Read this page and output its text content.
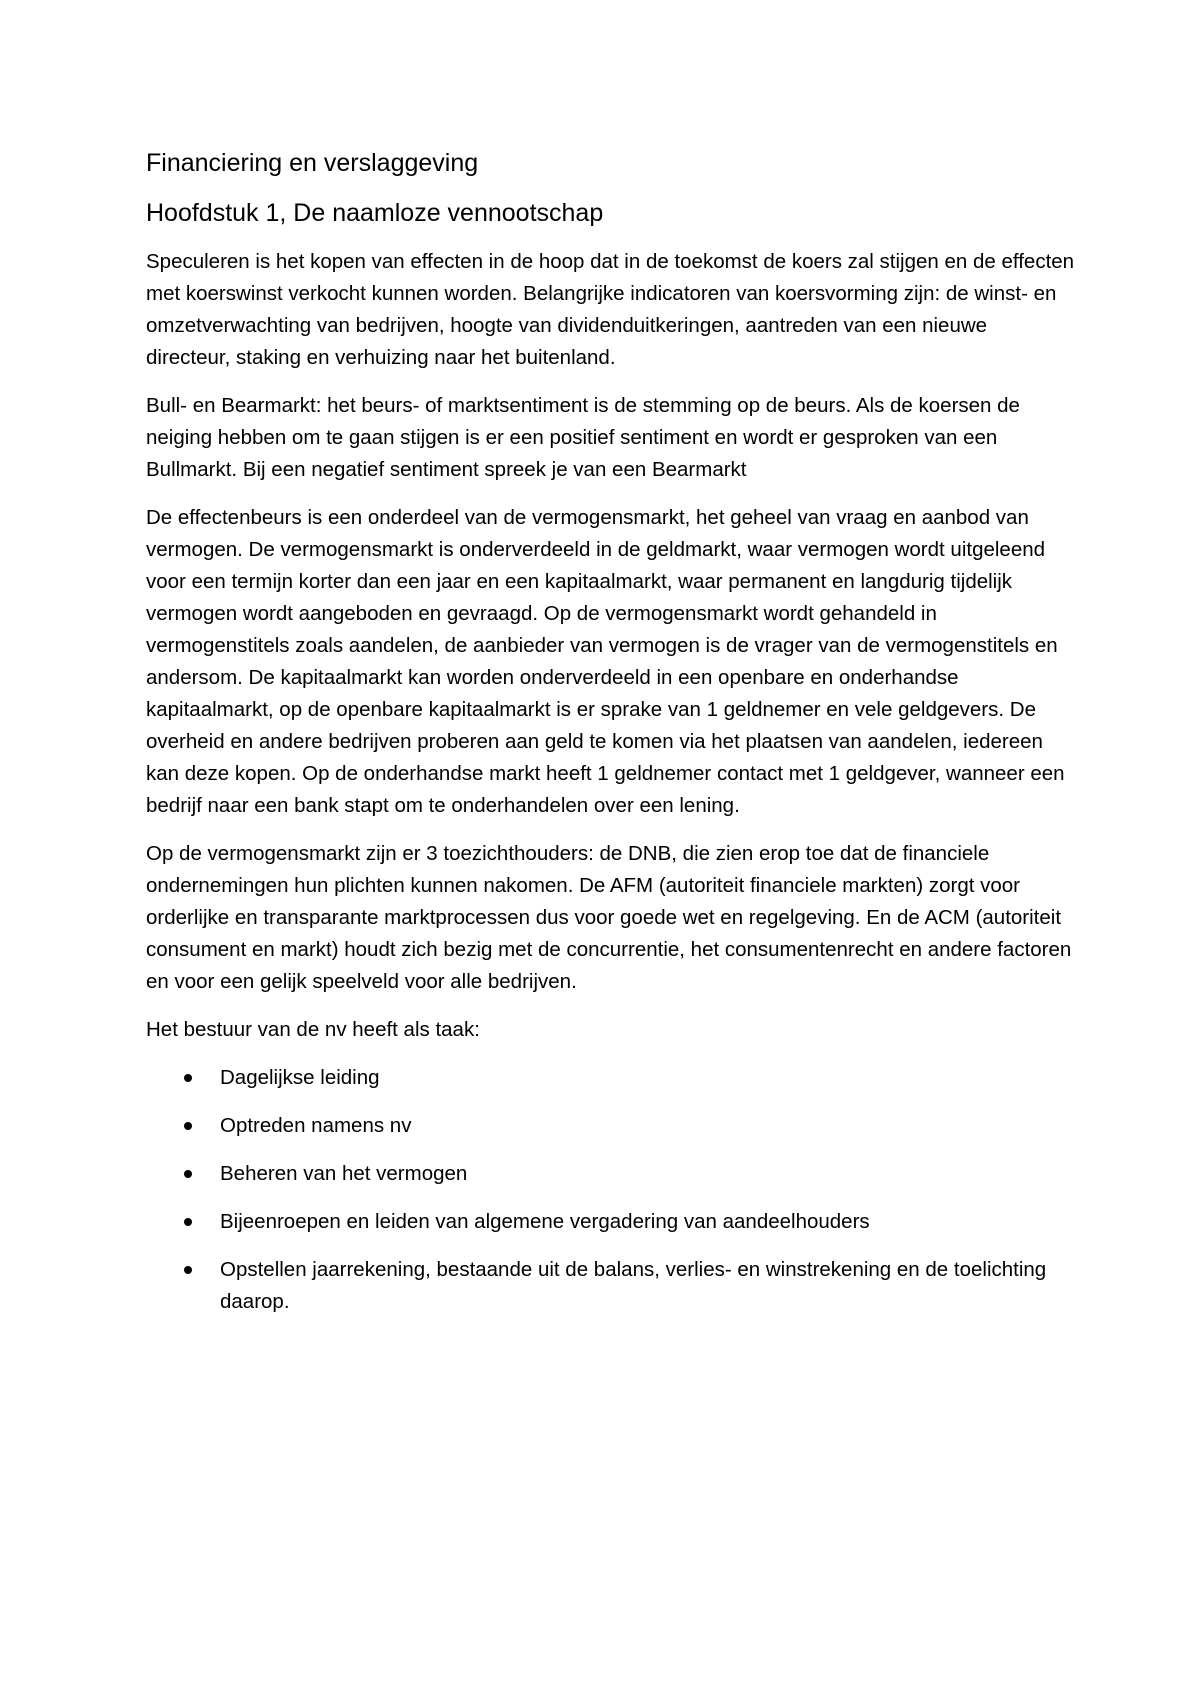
Financiering en verslaggeving
Hoofdstuk 1, De naamloze vennootschap

Speculeren is het kopen van effecten in de hoop dat in de toekomst de koers zal stijgen en de effecten met koerswinst verkocht kunnen worden. Belangrijke indicatoren van koersvorming zijn: de winst- en omzetverwachting van bedrijven, hoogte van dividenduitkeringen, aantreden van een nieuwe directeur, staking en verhuizing naar het buitenland.

Bull- en Bearmarkt: het beurs- of marktsentiment is de stemming op de beurs. Als de koersen de neiging hebben om te gaan stijgen is er een positief sentiment en wordt er gesproken van een Bullmarkt. Bij een negatief sentiment spreek je van een Bearmarkt

De effectenbeurs is een onderdeel van de vermogensmarkt, het geheel van vraag en aanbod van vermogen. De vermogensmarkt is onderverdeeld in de geldmarkt, waar vermogen wordt uitgeleend voor een termijn korter dan een jaar en een kapitaalmarkt, waar permanent en langdurig tijdelijk vermogen wordt aangeboden en gevraagd. Op de vermogensmarkt wordt gehandeld in vermogenstitels zoals aandelen, de aanbieder van vermogen is de vrager van de vermogenstitels en andersom. De kapitaalmarkt kan worden onderverdeeld in een openbare en onderhandse kapitaalmarkt, op de openbare kapitaalmarkt is er sprake van 1 geldnemer en vele geldgevers. De overheid en andere bedrijven proberen aan geld te komen via het plaatsen van aandelen, iedereen kan deze kopen. Op de onderhandse markt heeft 1 geldnemer contact met 1 geldgever, wanneer een bedrijf naar een bank stapt om te onderhandelen over een lening.

Op de vermogensmarkt zijn er 3 toezichthouders: de DNB, die zien erop toe dat de financiele ondernemingen hun plichten kunnen nakomen. De AFM (autoriteit financiele markten) zorgt voor orderlijke en transparante marktprocessen dus voor goede wet en regelgeving. En de ACM (autoriteit consument en markt) houdt zich bezig met de concurrentie, het consumentenrecht en andere factoren en voor een gelijk speelveld voor alle bedrijven.

Het bestuur van de nv heeft als taak:

Dagelijkse leiding
Optreden namens nv
Beheren van het vermogen
Bijeenroepen en leiden van algemene vergadering van aandeelhouders
Opstellen jaarrekening, bestaande uit de balans, verlies- en winstrekening en de toelichting daarop.
